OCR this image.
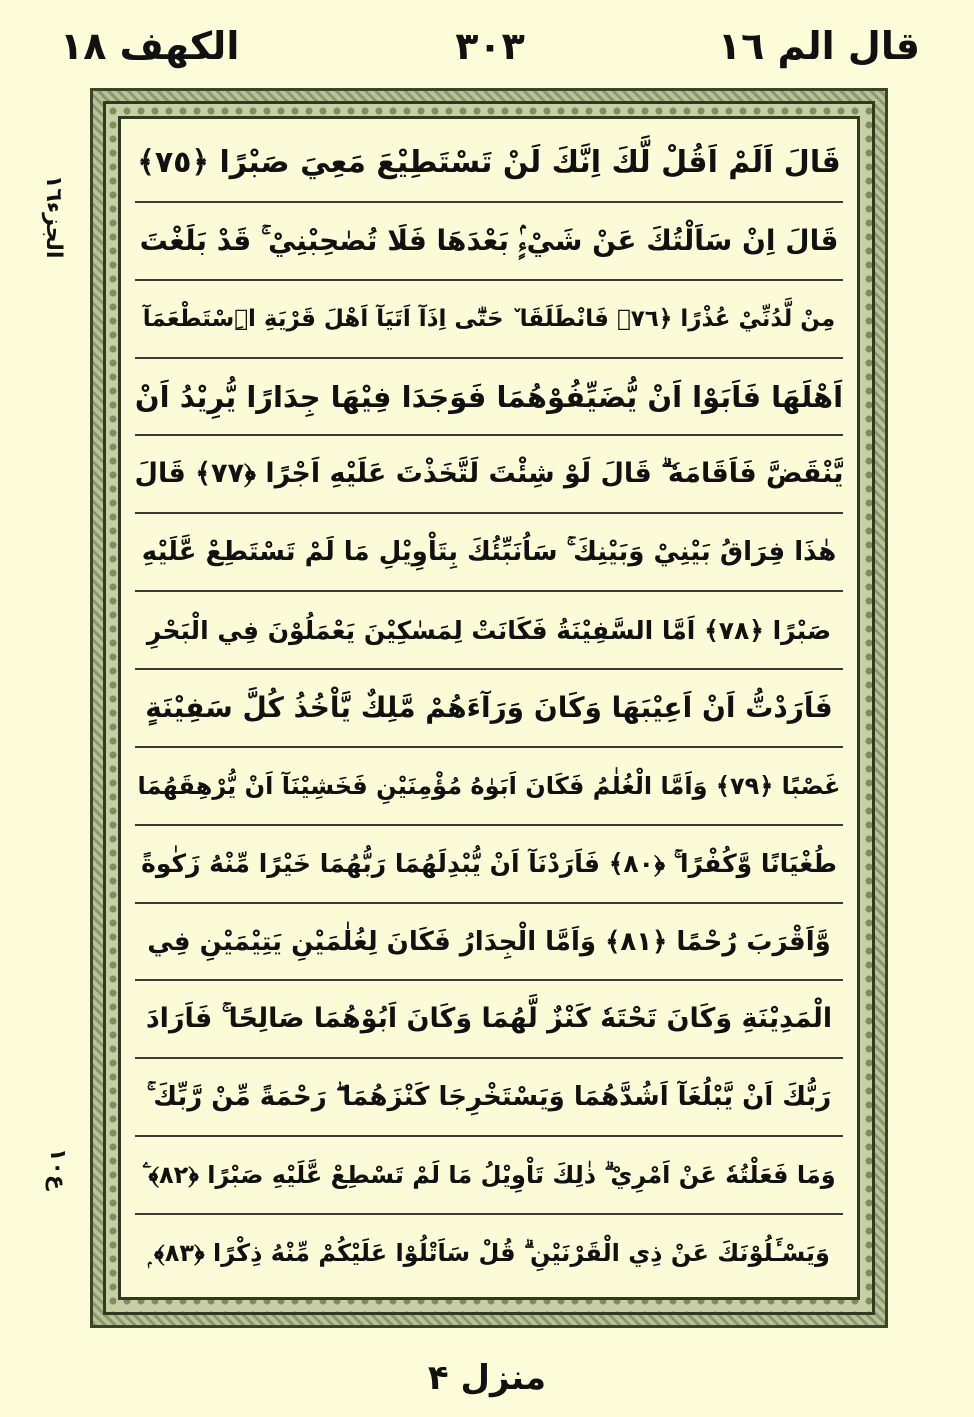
قال الم ١٦
٣٠٣
الكهف ١٨
الجزء١٦
ع١٠
قَالَ اَلَمْ اَقُلْ لَّكَ اِنَّكَ لَنْ تَسْتَطِيْعَ مَعِيَ صَبْرًا ﴿٧٥﴾
قَالَ اِنْ سَاَلْتُكَ عَنْ شَيْءٍۢ بَعْدَهَا فَلَا تُصٰحِبْنِيْ ۚ قَدْ بَلَغْتَ
مِنْ لَّدُنِّيْ عُذْرًا ﴿٧٦﴾ فَانْطَلَقَا ٚ حَتّٰٓى اِذَآ اَتَيَآ اَهْلَ قَرْيَةِ اِۨسْتَطْعَمَآ
اَهْلَهَا فَاَبَوْا اَنْ يُّضَيِّفُوْهُمَا فَوَجَدَا فِيْهَا جِدَارًا يُّرِيْدُ اَنْ
يَّنْقَضَّ فَاَقَامَهٗ ۗ قَالَ لَوْ شِئْتَ لَتَّخَذْتَ عَلَيْهِ اَجْرًا ﴿٧٧﴾ قَالَ
هٰذَا فِرَاقُ بَيْنِيْ وَبَيْنِكَ ۚ سَاُنَبِّئُكَ بِتَاْوِيْلِ مَا لَمْ تَسْتَطِعْ عَّلَيْهِ
صَبْرًا ﴿٧٨﴾ اَمَّا السَّفِيْنَةُ فَكَانَتْ لِمَسٰكِيْنَ يَعْمَلُوْنَ فِي الْبَحْرِ
فَاَرَدْتُّ اَنْ اَعِيْبَهَا وَكَانَ وَرَآءَهُمْ مَّلِكٌ يَّاْخُذُ كُلَّ سَفِيْنَةٍ
غَصْبًا ﴿٧٩﴾ وَاَمَّا الْغُلٰمُ فَكَانَ اَبَوٰهُ مُؤْمِنَيْنِ فَخَشِيْنَآ اَنْ يُّرْهِقَهُمَا
طُغْيَانًا وَّكُفْرًا ۚ ﴿٨٠﴾ فَاَرَدْنَآ اَنْ يُّبْدِلَهُمَا رَبُّهُمَا خَيْرًا مِّنْهُ زَكٰوةً
وَّاَقْرَبَ رُحْمًا ﴿٨١﴾ وَاَمَّا الْجِدَارُ فَكَانَ لِغُلٰمَيْنِ يَتِيْمَيْنِ فِي
الْمَدِيْنَةِ وَكَانَ تَحْتَهٗ كَنْزٌ لَّهُمَا وَكَانَ اَبُوْهُمَا صَالِحًا ۚ فَاَرَادَ
رَبُّكَ اَنْ يَّبْلُغَآ اَشُدَّهُمَا وَيَسْتَخْرِجَا كَنْزَهُمَا ۖ رَحْمَةً مِّنْ رَّبِّكَ ۚ
وَمَا فَعَلْتُهٗ عَنْ اَمْرِيْ ۗ ذٰلِكَ تَاْوِيْلُ مَا لَمْ تَسْطِعْ عَّلَيْهِ صَبْرًا ﴿٨٢﴾ ۧ
وَيَسْـَٔلُوْنَكَ عَنْ ذِي الْقَرْنَيْنِ ۗ قُلْ سَاَتْلُوْا عَلَيْكُمْ مِّنْهُ ذِكْرًا ﴿٨٣﴾ ۭ
منزل ۴
